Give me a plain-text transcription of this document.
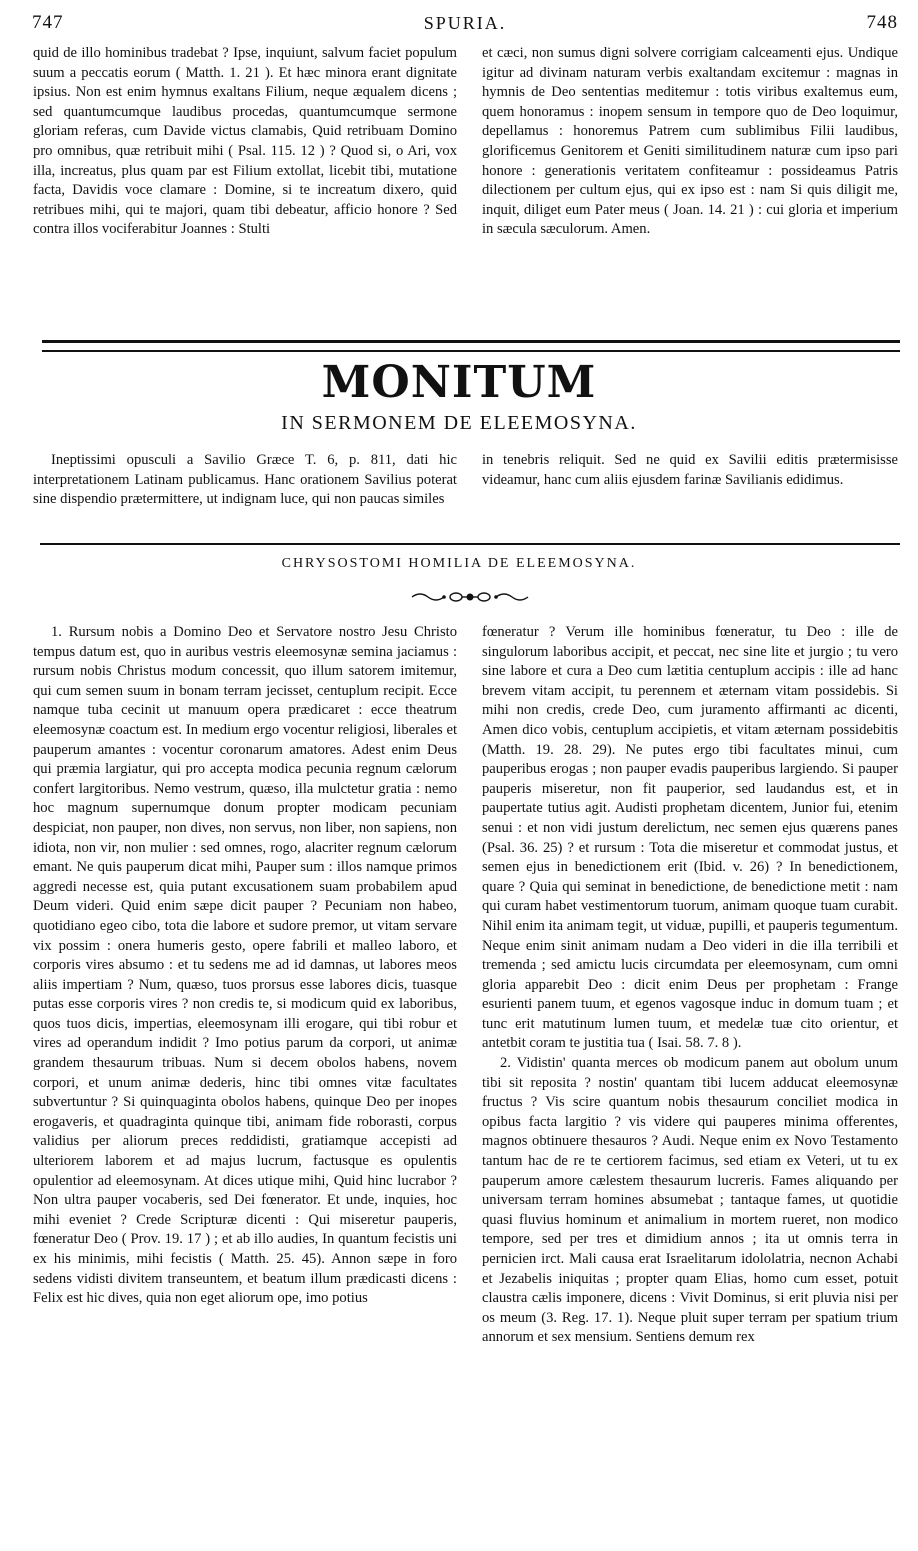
747	SPURIA.	748

quid de illo hominibus tradebat ? Ipse, inquiunt, salvum faciet populum suum a peccatis eorum ( Matth. 1. 21 ). Et hæc minora erant dignitate ipsius. Non est enim hymnus exaltans Filium, neque æqualem dicens ; sed quantumcumque laudibus procedas, quantumcumque sermone gloriam referas, cum Davide victus clamabis, Quid retribuam Domino pro omnibus, quæ retribuit mihi ( Psal. 115. 12 ) ? Quod si, o Ari, vox illa, increatus, plus quam par est Filium extollat, licebit tibi, mutatione facta, Davidis voce clamare : Domine, si te increatum dixero, quid retribues mihi, qui te majori, quam tibi debeatur, afficio honore ? Sed contra illos vociferabitur Joannes : Stulti

et cæci, non sumus digni solvere corrigiam calceamenti ejus. Undique igitur ad divinam naturam verbis exaltandam excitemur : magnas in hymnis de Deo sententias meditemur : totis viribus exaltemus eum, quem honoramus : inopem sensum in tempore quo de Deo loquimur, depellamus : honoremus Patrem cum sublimibus Filii laudibus, glorificemus Genitorem et Geniti similitudinem naturæ cum ipso pari honore : generationis veritatem confiteamur : possideamus Patris dilectionem per cultum ejus, qui ex ipso est : nam Si quis diligit me, inquit, diliget eum Pater meus ( Joan. 14. 21 ) : cui gloria et imperium in sæcula sæculorum. Amen.

MONITUM
IN SERMONEM DE ELEEMOSYNA.

Ineptissimi opusculi a Savilio Græce T. 6, p. 811, dati hic interpretationem Latinam publicamus. Hanc orationem Savilius poterat sine dispendio prætermittere, ut indignam luce, qui non paucas similes

in tenebris reliquit. Sed ne quid ex Savilii editis prætermisisse videamur, hanc cum aliis ejusdem farinæ Savilianis edidimus.

CHRYSOSTOMI HOMILIA DE ELEEMOSYNA.

1. Rursum nobis a Domino Deo et Servatore nostro Jesu Christo tempus datum est, quo in auribus vestris eleemosynæ semina jaciamus : rursum nobis Christus modum concessit, quo illum satorem imitemur, qui cum semen suum in bonam terram jecisset, centuplum recipit. Ecce namque tuba cecinit ut manuum opera prædicaret : ecce theatrum eleemosynæ coactum est. In medium ergo vocentur religiosi, liberales et pauperum amantes : vocentur coronarum amatores. Adest enim Deus qui præmia largiatur, qui pro accepta modica pecunia regnum cælorum confert largitoribus. Nemo vestrum, quæso, illa mulctetur gratia : nemo hoc magnum supernumque donum propter modicam pecuniam despiciat, non pauper, non dives, non servus, non liber, non sapiens, non idiota, non vir, non mulier : sed omnes, rogo, alacriter regnum cælorum emant. Ne quis pauperum dicat mihi, Pauper sum : illos namque primos aggredi necesse est, quia putant excusationem suam probabilem apud Deum videri. Quid enim sæpe dicit pauper ? Pecuniam non habeo, quotidiano egeo cibo, tota die labore et sudore premor, ut vitam servare vix possim : onera humeris gesto, opere fabrili et malleo laboro, et corporis vires absumo : et tu sedens me ad id damnas, ut labores meos aliis impertiam ? Num, quæso, tuos prorsus esse labores dicis, tuasque putas esse corporis vires ? non credis te, si modicum quid ex laboribus, quos tuos dicis, impertias, eleemosynam illi erogare, qui tibi robur et vires ad operandum indidit ? Imo potius parum da corpori, ut animæ grandem thesaurum tribuas. Num si decem obolos habens, novem corpori, et unum animæ dederis, hinc tibi omnes vitæ facultates subvertuntur ? Si quinquaginta obolos habens, quinque Deo per inopes erogaveris, et quadraginta quinque tibi, animam fide roborasti, corpus validius per aliorum preces reddidisti, gratiamque accepisti ad ulteriorem laborem et ad majus lucrum, factusque es opulentis opulentior ad eleemosynam. At dices utique mihi, Quid hinc lucrabor ? Non ultra pauper vocaberis, sed Dei fœnerator. Et unde, inquies, hoc mihi eveniet ? Crede Scripturæ dicenti : Qui miseretur pauperis, fœneratur Deo ( Prov. 19. 17 ) ; et ab illo audies, In quantum fecistis uni ex his minimis, mihi fecistis ( Matth. 25. 45). Annon sæpe in foro sedens vidisti divitem transeuntem, et beatum illum prædicasti dicens : Felix est hic dives, quia non eget aliorum ope, imo potius

fœneratur ? Verum ille hominibus fœneratur, tu Deo : ille de singulorum laboribus accipit, et peccat, nec sine lite et jurgio ; tu vero sine labore et cura a Deo cum lætitia centuplum accipis : ille ad hanc brevem vitam accipit, tu perennem et æternam vitam possidebis. Si mihi non credis, crede Deo, cum juramento affirmanti ac dicenti, Amen dico vobis, centuplum accipietis, et vitam æternam possidebitis (Matth. 19. 28. 29). Ne putes ergo tibi facultates minui, cum pauperibus erogas ; non pauper evadis pauperibus largiendo. Si pauper pauperis miseretur, non fit pauperior, sed laudandus est, et in paupertate tutius agit. Audisti prophetam dicentem, Junior fui, etenim senui : et non vidi justum derelictum, nec semen ejus quærens panes (Psal. 36. 25) ? et rursum : Tota die miseretur et commodat justus, et semen ejus in benedictionem erit (Ibid. v. 26) ? In benedictionem, quare ? Quia qui seminat in benedictione, de benedictione metit : nam qui curam habet vestimentorum tuorum, animam quoque tuam curabit. Nihil enim ita animam tegit, ut viduæ, pupilli, et pauperis tegumentum. Neque enim sinit animam nudam a Deo videri in die illa terribili et tremenda ; sed amictu lucis circumdata per eleemosynam, cum omni gloria apparebit Deo : dicit enim Deus per prophetam : Frange esurienti panem tuum, et egenos vagosque induc in domum tuam ; et tunc erit matutinum lumen tuum, et medelæ tuæ cito orientur, et antetbit coram te justitia tua ( Isai. 58. 7. 8 ).

2. Vidistin' quanta merces ob modicum panem aut obolum unum tibi sit reposita ? nostin' quantam tibi lucem adducat eleemosynæ fructus ? Vis scire quantum nobis thesaurum conciliet modica in opibus facta largitio ? vis videre qui pauperes minima offerentes, magnos obtinuere thesauros ? Audi. Neque enim ex Novo Testamento tantum hac de re te certiorem facimus, sed etiam ex Veteri, ut tu ex pauperum amore cælestem thesaurum lucreris. Fames aliquando per universam terram homines absumebat ; tantaque fames, ut quotidie quasi fluvius hominum et animalium in mortem rueret, non modico tempore, sed per tres et dimidium annos ; ita ut omnis terra in pernicien irct. Mali causa erat Israelitarum idololatria, necnon Achabi et Jezabelis iniquitas ; propter quam Elias, homo cum esset, potuit claustra cælis imponere, dicens : Vivit Dominus, si erit pluvia nisi per os meum (3. Reg. 17. 1). Neque pluit super terram per spatium trium annorum et sex mensium. Sentiens demum rex
